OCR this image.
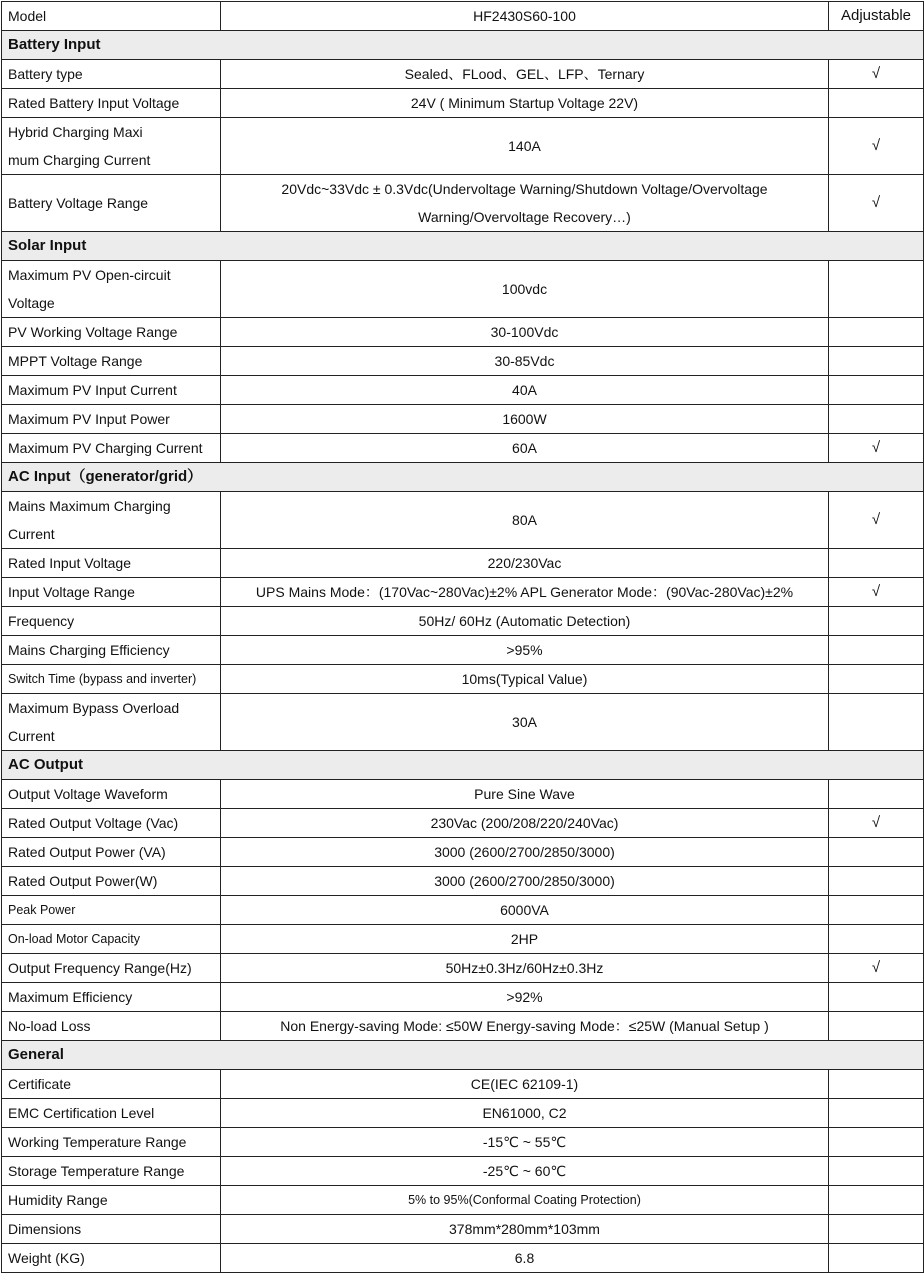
Model	HF2430S60-100	Adjustable
Battery Input		
Battery type	Sealed、FLood、GEL、LFP、Ternary	√
Rated Battery Input Voltage	24V ( Minimum Startup Voltage 22V)	
Hybrid Charging Maxi
mum Charging Current	140A	√
Battery Voltage Range	20Vdc~33Vdc ± 0.3Vdc(Undervoltage Warning/Shutdown Voltage/Overvoltage
Warning/Overvoltage Recovery…)	√
Solar Input		
Maximum PV Open-circuit
Voltage	100vdc	
PV Working Voltage Range	30-100Vdc	
MPPT Voltage Range	30-85Vdc	
Maximum PV Input Current	40A	
Maximum PV Input Power	1600W	
Maximum PV Charging Current	60A	√
AC Input（generator/grid）		
Mains Maximum Charging
Current	80A	√
Rated Input Voltage	220/230Vac	
Input Voltage Range	UPS Mains Mode：(170Vac~280Vac)±2% APL Generator Mode：(90Vac-280Vac)±2%	√
Frequency	50Hz/ 60Hz (Automatic Detection)	
Mains Charging Efficiency	>95%	
Switch Time (bypass and inverter)	10ms(Typical Value)	
Maximum Bypass Overload Current	30A	
AC Output		
Output Voltage Waveform	Pure Sine Wave	
Rated Output Voltage (Vac)	230Vac (200/208/220/240Vac)	√
Rated Output Power (VA)	3000 (2600/2700/2850/3000)	
Rated Output Power(W)	3000 (2600/2700/2850/3000)	
Peak Power	6000VA	
On-load Motor Capacity	2HP	
Output Frequency Range(Hz)	50Hz±0.3Hz/60Hz±0.3Hz	√
Maximum Efficiency	>92%	
No-load Loss	Non Energy-saving Mode: ≤50W Energy-saving Mode：≤25W (Manual Setup )	
General		
Certificate	CE(IEC 62109-1)	
EMC Certification Level	EN61000, C2	
Working Temperature Range	-15℃ ~ 55℃	
Storage Temperature Range	-25℃ ~ 60℃	
Humidity Range	5% to 95%(Conformal Coating Protection)	
Dimensions	378mm*280mm*103mm	
Weight (KG)	6.8	
